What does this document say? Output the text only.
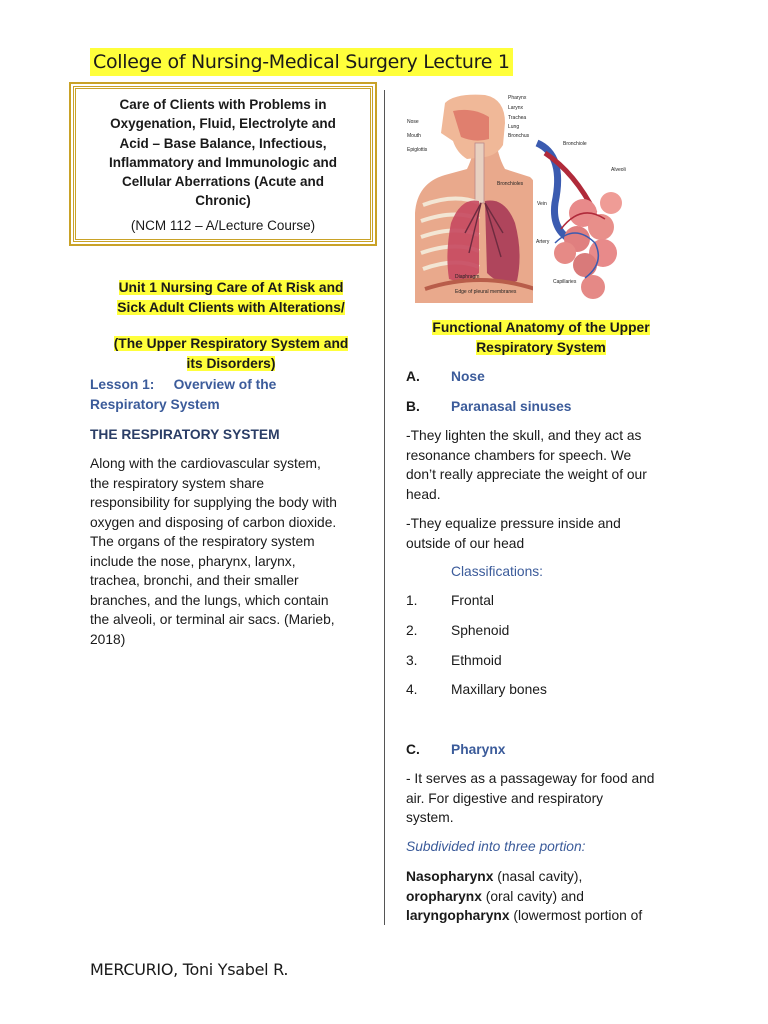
College of Nursing-Medical Surgery Lecture 1
Care of Clients with Problems in
Oxygenation, Fluid, Electrolyte and
Acid – Base Balance, Infectious,
Inflammatory and Immunologic and
Cellular Aberrations (Acute and
Chronic)
(NCM 112 – A/Lecture Course)

Unit 1 Nursing Care of At Risk and
Sick Adult Clients with Alterations/

(The Upper Respiratory System and
its Disorders)

Lesson 1:     Overview of the
Respiratory System
THE RESPIRATORY SYSTEM
Along with the cardiovascular system,
the respiratory system share
responsibility for supplying the body with
oxygen and disposing of carbon dioxide.
The organs of the respiratory system
include the nose, pharynx, larynx,
trachea, bronchi, and their smaller
branches, and the lungs, which contain
the alveoli, or terminal air sacs. (Marieb,
2018)
Nose
Mouth
Epiglottis
Pharynx
Larynx
Trachea
Lung
Bronchus
Bronchioles
Diaphragm
Edge of pleural membranes
Bronchiole
Alveoli
Vein
Artery
Capillaries
Functional Anatomy of the Upper
Respiratory System
A. Nose
B. Paranasal sinuses
-They lighten the skull, and they act as
resonance chambers for speech. We
don’t really appreciate the weight of our
head.
-They equalize pressure inside and
outside of our head
Classifications:
1. Frontal
2. Sphenoid
3. Ethmoid
4. Maxillary bones
C. Pharynx
- It serves as a passageway for food and
air. For digestive and respiratory
system.
Subdivided into three portion:
Nasopharynx (nasal cavity),
oropharynx (oral cavity) and
laryngopharynx (lowermost portion of
MERCURIO, Toni Ysabel R.
